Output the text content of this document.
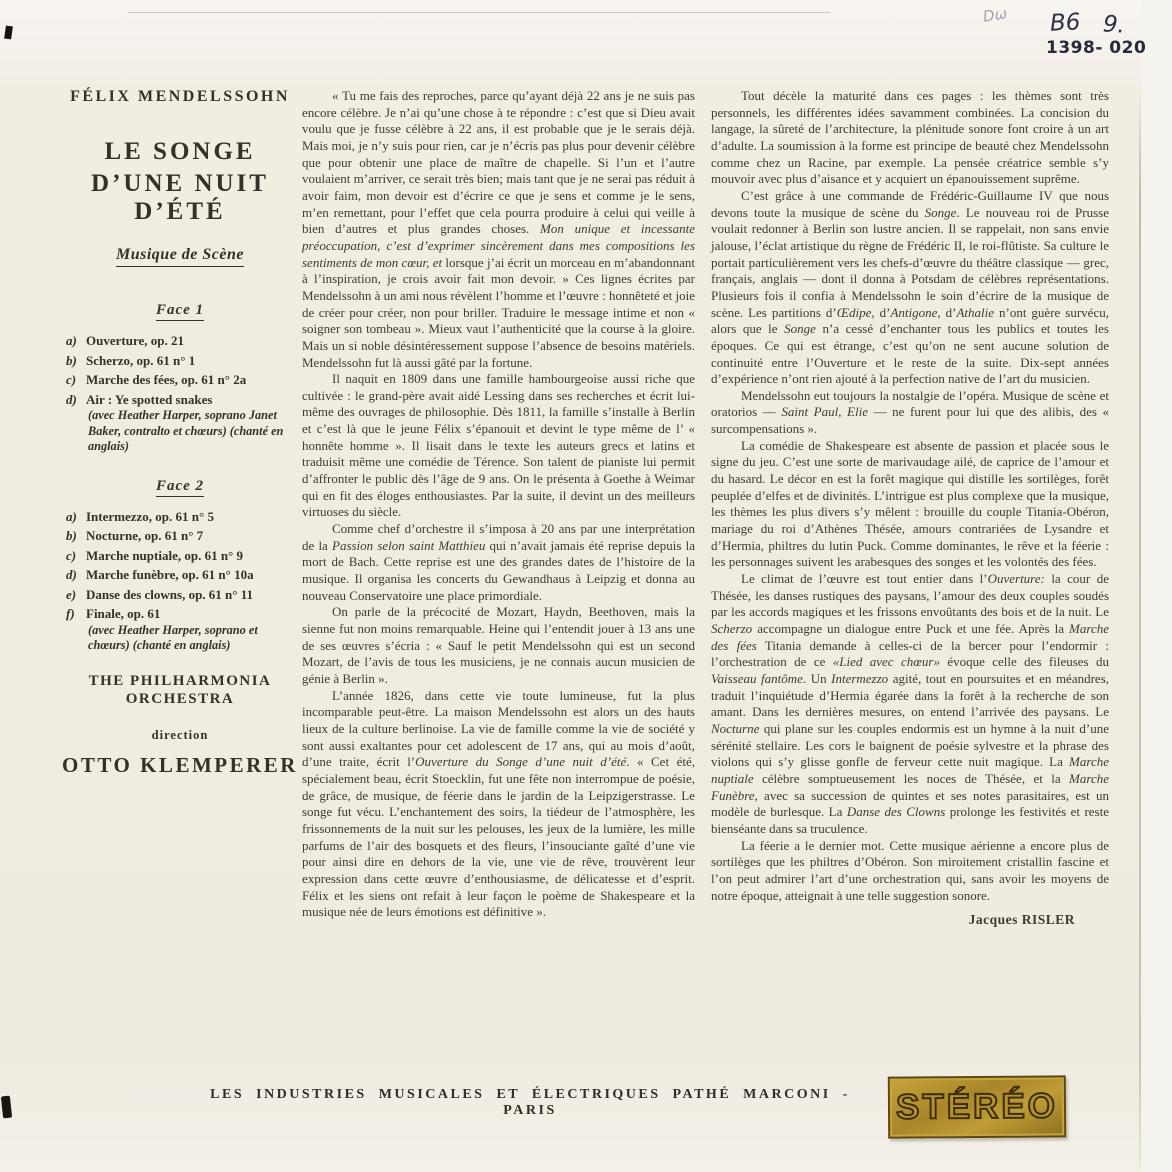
Dω B6 9.
1398- 020
FÉLIX MENDELSSOHN
LE SONGE
D’UNE NUIT D’ÉTÉ
Musique de Scène
Face 1
a) Ouverture, op. 21
b) Scherzo, op. 61 n° 1
c) Marche des fées, op. 61 n° 2a
d) Air : Ye spotted snakes
(avec Heather Harper, soprano Janet Baker, contralto et chœurs) (chanté en anglais)
Face 2
a) Intermezzo, op. 61 n° 5
b) Nocturne, op. 61 n° 7
c) Marche nuptiale, op. 61 n° 9
d) Marche funèbre, op. 61 n° 10a
e) Danse des clowns, op. 61 n° 11
f) Finale, op. 61
(avec Heather Harper, soprano et chœurs) (chanté en anglais)
THE PHILHARMONIA
ORCHESTRA
direction
OTTO KLEMPERER

« Tu me fais des reproches, parce qu’ayant déjà 22 ans je ne suis pas encore célèbre. Je n’ai qu’une chose à te répondre : c’est que si Dieu avait voulu que je fusse célèbre à 22 ans, il est probable que je le serais déjà. Mais moi, je n’y suis pour rien, car je n’écris pas plus pour devenir célèbre que pour obtenir une place de maître de chapelle. Si l’un et l’autre voulaient m’arriver, ce serait très bien; mais tant que je ne serai pas réduit à avoir faim, mon devoir est d’écrire ce que je sens et comme je le sens, m’en remettant, pour l’effet que cela pourra produire à celui qui veille à bien d’autres et plus grandes choses. Mon unique et incessante préoccupation, c’est d’exprimer sincèrement dans mes compositions les sentiments de mon cœur, et lorsque j’ai écrit un morceau en m’abandonnant à l’inspiration, je crois avoir fait mon devoir. » Ces lignes écrites par Mendelssohn à un ami nous révèlent l’homme et l’œuvre : honnêteté et joie de créer pour créer, non pour briller. Traduire le message intime et non « soigner son tombeau ». Mieux vaut l’authenticité que la course à la gloire. Mais un si noble désintéressement suppose l’absence de besoins matériels. Mendelssohn fut là aussi gâté par la fortune.

Il naquit en 1809 dans une famille hambourgeoise aussi riche que cultivée : le grand-père avait aidé Lessing dans ses recherches et écrit lui-même des ouvrages de philosophie. Dès 1811, la famille s’installe à Berlin et c’est là que le jeune Félix s’épanouit et devint le type même de l’ « honnête homme ». Il lisait dans le texte les auteurs grecs et latins et traduisit même une comédie de Térence. Son talent de pianiste lui permit d’affronter le public dès l’âge de 9 ans. On le présenta à Goethe à Weimar qui en fit des éloges enthousiastes. Par la suite, il devint un des meilleurs virtuoses du siècle.

Comme chef d’orchestre il s’imposa à 20 ans par une interprétation de la Passion selon saint Matthieu qui n’avait jamais été reprise depuis la mort de Bach. Cette reprise est une des grandes dates de l’histoire de la musique. Il organisa les concerts du Gewandhaus à Leipzig et donna au nouveau Conservatoire une place primordiale.

On parle de la précocité de Mozart, Haydn, Beethoven, mais la sienne fut non moins remarquable. Heine qui l’entendit jouer à 13 ans une de ses œuvres s’écria : « Sauf le petit Mendelssohn qui est un second Mozart, de l’avis de tous les musiciens, je ne connais aucun musicien de génie à Berlin ».

L’année 1826, dans cette vie toute lumineuse, fut la plus incomparable peut-être. La maison Mendelssohn est alors un des hauts lieux de la culture berlinoise. La vie de famille comme la vie de société y sont aussi exaltantes pour cet adolescent de 17 ans, qui au mois d’août, d’une traite, écrit l’Ouverture du Songe d’une nuit d’été. « Cet été, spécialement beau, écrit Stoecklin, fut une fête non interrompue de poésie, de grâce, de musique, de féerie dans le jardin de la Leipzigerstrasse. Le songe fut vécu. L’enchantement des soirs, la tiédeur de l’atmosphère, les frissonnements de la nuit sur les pelouses, les jeux de la lumière, les mille parfums de l’air des bosquets et des fleurs, l’insouciante gaîté d’une vie pour ainsi dire en dehors de la vie, une vie de rêve, trouvèrent leur expression dans cette œuvre d’enthousiasme, de délicatesse et d’esprit. Félix et les siens ont refait à leur façon le poème de Shakespeare et la musique née de leurs émotions est définitive ».

Tout décèle la maturité dans ces pages : les thèmes sont très personnels, les différentes idées savamment combinées. La concision du langage, la sûreté de l’architecture, la plénitude sonore font croire à un art d’adulte. La soumission à la forme est principe de beauté chez Mendelssohn comme chez un Racine, par exemple. La pensée créatrice semble s’y mouvoir avec plus d’aisance et y acquiert un épanouissement suprême.

C’est grâce à une commande de Frédéric-Guillaume IV que nous devons toute la musique de scène du Songe. Le nouveau roi de Prusse voulait redonner à Berlin son lustre ancien. Il se rappelait, non sans envie jalouse, l’éclat artistique du règne de Frédéric II, le roi-flûtiste. Sa culture le portait particulièrement vers les chefs-d’œuvre du théâtre classique — grec, français, anglais — dont il donna à Potsdam de célèbres représentations. Plusieurs fois il confia à Mendelssohn le soin d’écrire de la musique de scène. Les partitions d’Œdipe, d’Antigone, d’Athalie n’ont guère survécu, alors que le Songe n’a cessé d’enchanter tous les publics et toutes les époques. Ce qui est étrange, c’est qu’on ne sent aucune solution de continuité entre l’Ouverture et le reste de la suite. Dix-sept années d’expérience n’ont rien ajouté à la perfection native de l’art du musicien.

Mendelssohn eut toujours la nostalgie de l’opéra. Musique de scène et oratorios — Saint Paul, Elie — ne furent pour lui que des alibis, des « surcompensations ».

La comédie de Shakespeare est absente de passion et placée sous le signe du jeu. C’est une sorte de marivaudage ailé, de caprice de l’amour et du hasard. Le décor en est la forêt magique qui distille les sortilèges, forêt peuplée d’elfes et de divinités. L’intrigue est plus complexe que la musique, les thèmes les plus divers s’y mêlent : brouille du couple Titania-Obéron, mariage du roi d’Athènes Thésée, amours contrariées de Lysandre et d’Hermia, philtres du lutin Puck. Comme dominantes, le rêve et la féerie : les personnages suivent les arabesques des songes et les volontés des fées.

Le climat de l’œuvre est tout entier dans l’Ouverture: la cour de Thésée, les danses rustiques des paysans, l’amour des deux couples soudés par les accords magiques et les frissons envoûtants des bois et de la nuit. Le Scherzo accompagne un dialogue entre Puck et une fée. Après la Marche des fées Titania demande à celles-ci de la bercer pour l’endormir : l’orchestration de ce «Lied avec chœur» évoque celle des fileuses du Vaisseau fantôme. Un Intermezzo agité, tout en poursuites et en méandres, traduit l’inquiétude d’Hermia égarée dans la forêt à la recherche de son amant. Dans les dernières mesures, on entend l’arrivée des paysans. Le Nocturne qui plane sur les couples endormis est un hymne à la nuit d’une sérénité stellaire. Les cors le baignent de poésie sylvestre et la phrase des violons qui s’y glisse gonfle de ferveur cette nuit magique. La Marche nuptiale célèbre somptueusement les noces de Thésée, et la Marche Funèbre, avec sa succession de quintes et ses notes parasitaires, est un modèle de burlesque. La Danse des Clowns prolonge les festivités et reste bienséante dans sa truculence.

La féerie a le dernier mot. Cette musique aérienne a encore plus de sortilèges que les philtres d’Obéron. Son miroitement cristallin fascine et l’on peut admirer l’art d’une orchestration qui, sans avoir les moyens de notre époque, atteignait à une telle suggestion sonore.

Jacques RISLER
LES INDUSTRIES MUSICALES ET ÉLECTRIQUES PATHÉ MARCONI - PARIS	STÉRÉO
